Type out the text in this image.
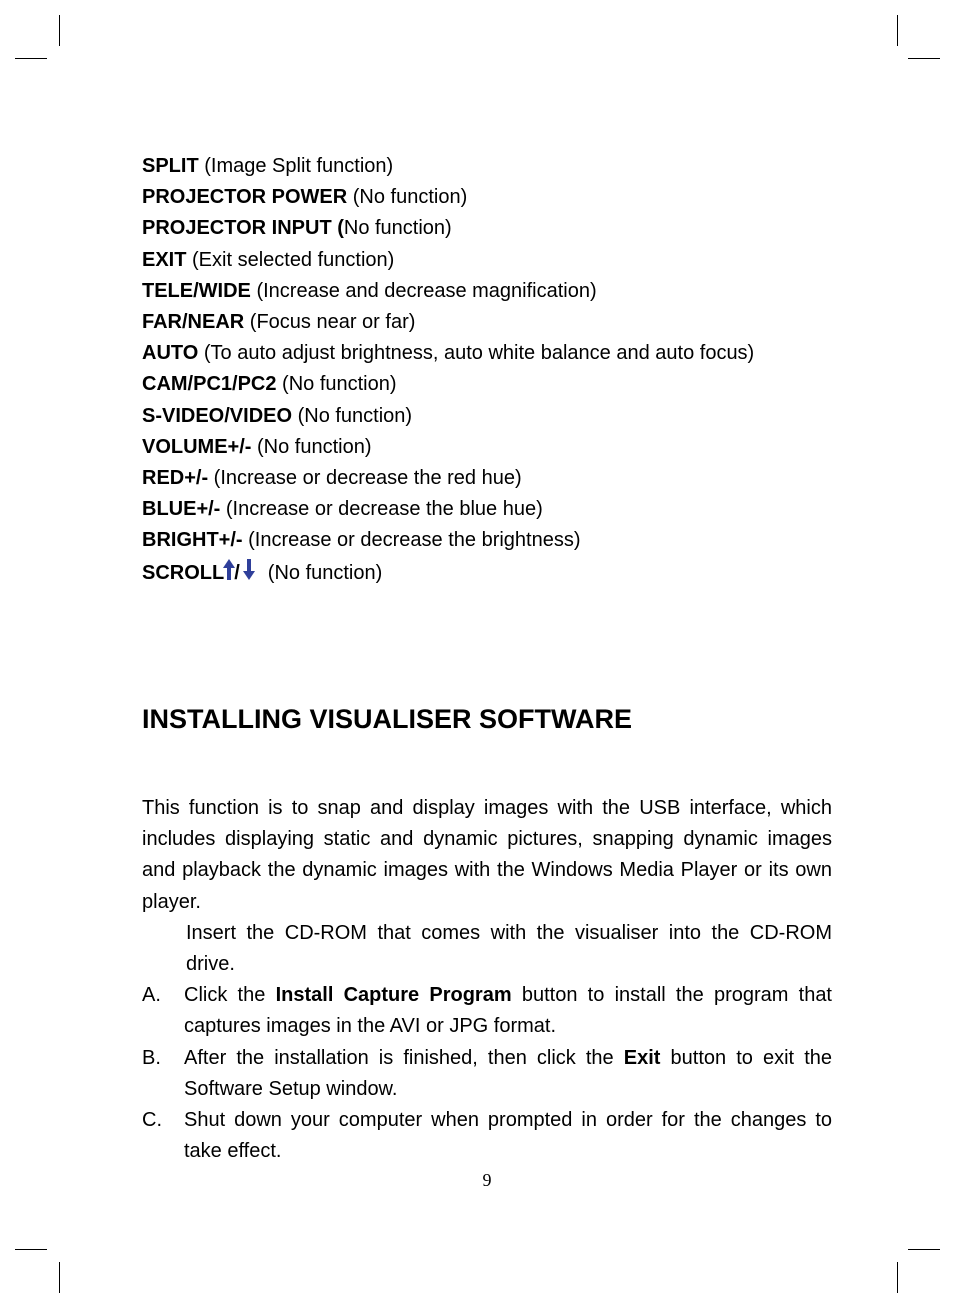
SPLIT (Image Split function)
PROJECTOR POWER (No function)
PROJECTOR INPUT (No function)
EXIT (Exit selected function)
TELE/WIDE (Increase and decrease magnification)
FAR/NEAR (Focus near or far)
AUTO (To auto adjust brightness, auto white balance and auto focus)
CAM/PC1/PC2 (No function)
S-VIDEO/VIDEO (No function)
VOLUME+/- (No function)
RED+/- (Increase or decrease the red hue)
BLUE+/- (Increase or decrease the blue hue)
BRIGHT+/- (Increase or decrease the brightness)
SCROLL / (No function)
INSTALLING VISUALISER SOFTWARE

This function is to snap and display images with the USB interface, which includes displaying static and dynamic pictures, snapping dynamic images and playback the dynamic images with the Windows Media Player or its own player.

Insert the CD-ROM that comes with the visualiser into the CD-ROM drive.

A. Click the Install Capture Program button to install the program that captures images in the AVI or JPG format.
B. After the installation is finished, then click the Exit button to exit the Software Setup window.
C. Shut down your computer when prompted in order for the changes to take effect.
9
